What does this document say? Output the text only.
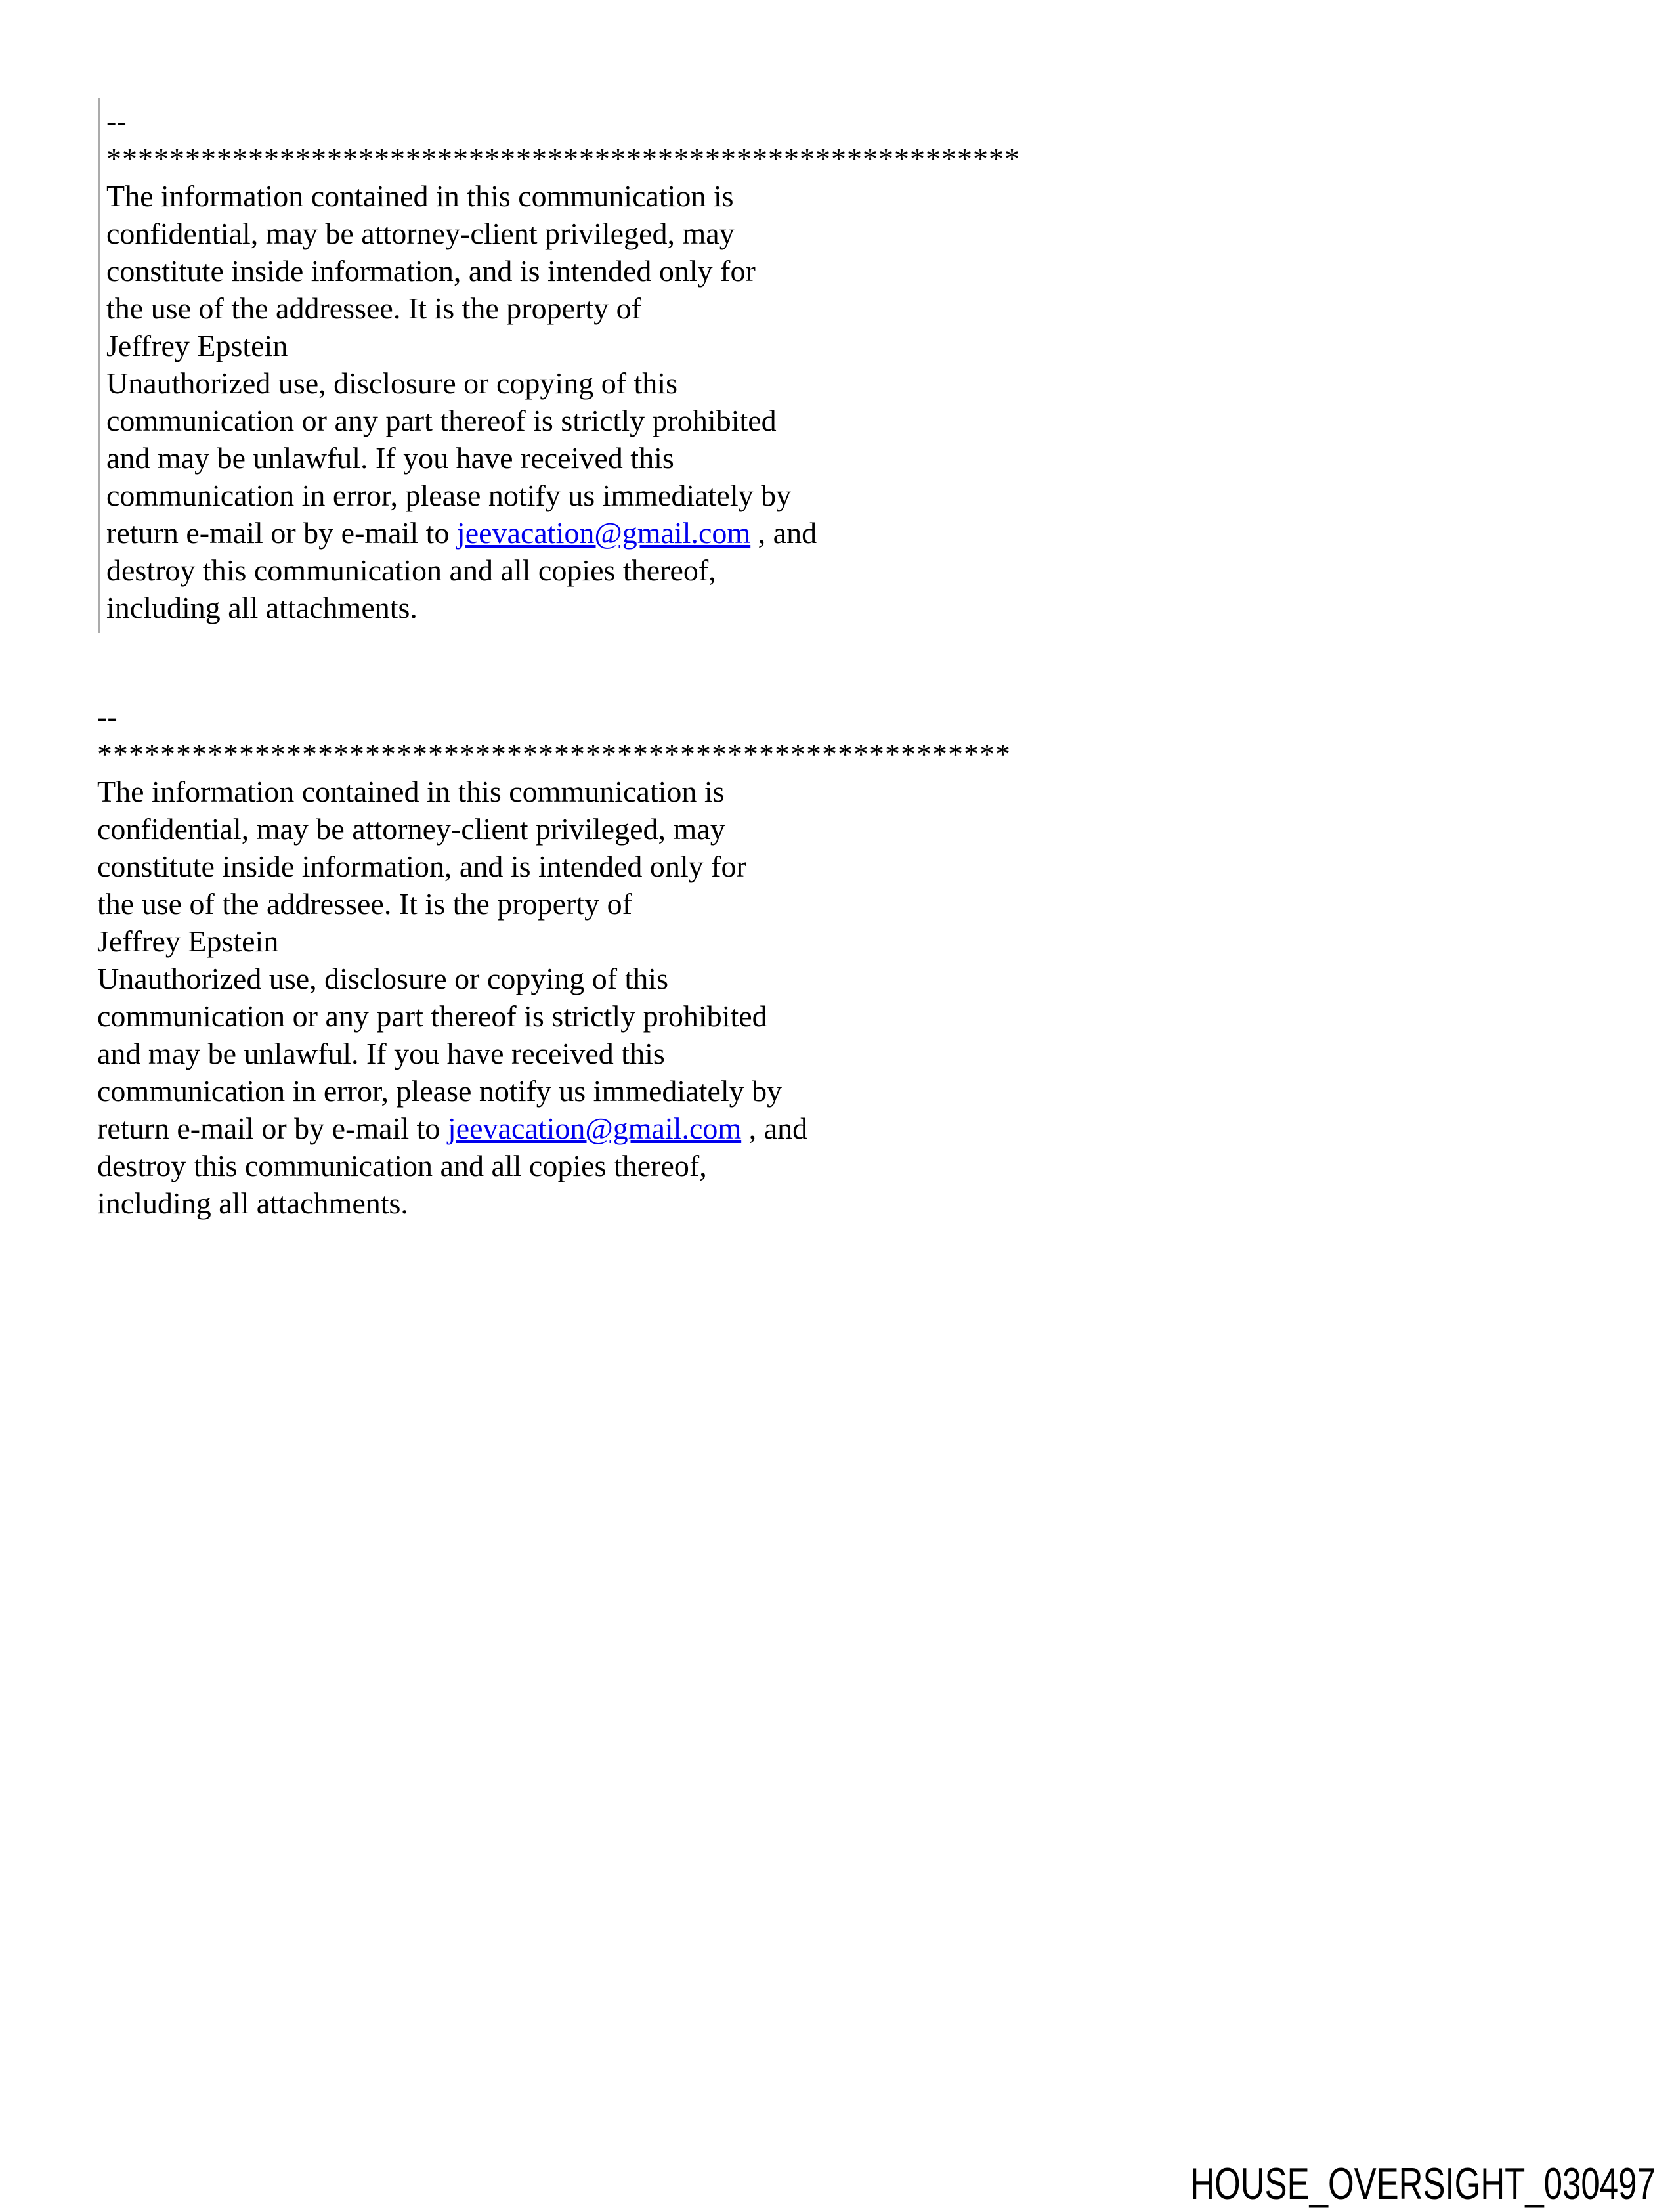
--
**********************************************************
The information contained in this communication is
confidential, may be attorney-client privileged, may
constitute inside information, and is intended only for
the use of the addressee. It is the property of
Jeffrey Epstein
Unauthorized use, disclosure or copying of this
communication or any part thereof is strictly prohibited
and may be unlawful. If you have received this
communication in error, please notify us immediately by
return e-mail or by e-mail to jeevacation@gmail.com , and
destroy this communication and all copies thereof,
including all attachments.
--
**********************************************************
The information contained in this communication is
confidential, may be attorney-client privileged, may
constitute inside information, and is intended only for
the use of the addressee. It is the property of
Jeffrey Epstein
Unauthorized use, disclosure or copying of this
communication or any part thereof is strictly prohibited
and may be unlawful. If you have received this
communication in error, please notify us immediately by
return e-mail or by e-mail to jeevacation@gmail.com , and
destroy this communication and all copies thereof,
including all attachments.
HOUSE_OVERSIGHT_030497
